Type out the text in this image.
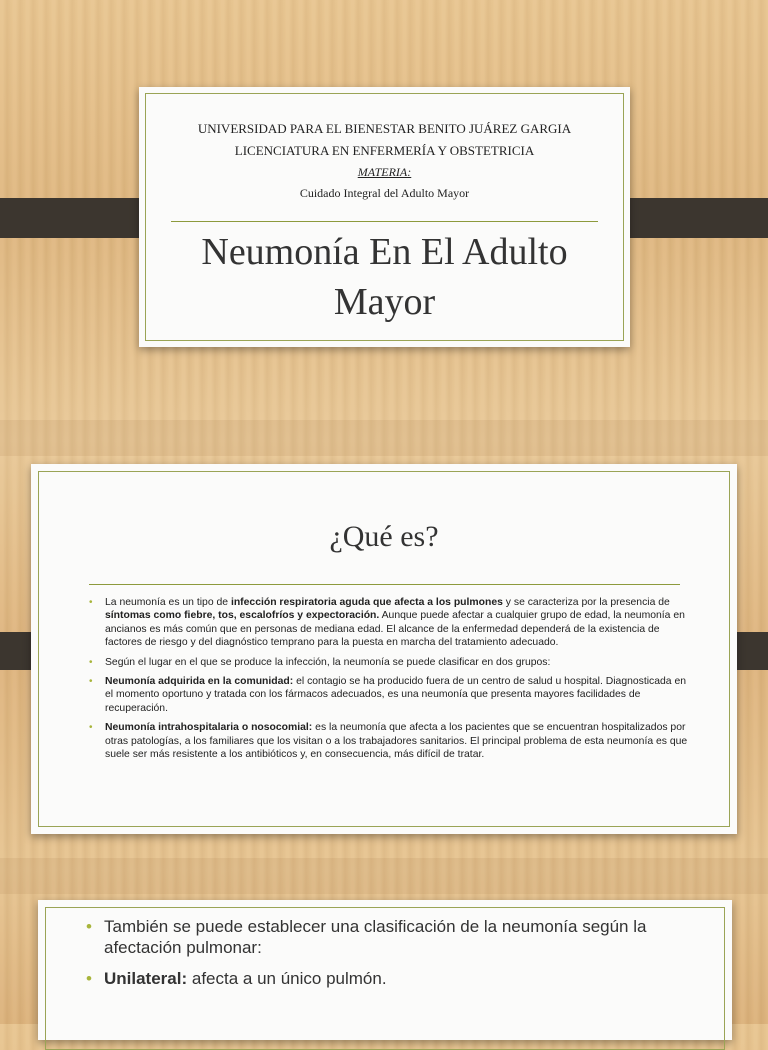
UNIVERSIDAD PARA EL BIENESTAR BENITO JUÁREZ GARGIA
LICENCIATURA EN ENFERMERÍA Y OBSTETRICIA
MATERIA:
Cuidado Integral del Adulto Mayor
Neumonía En El Adulto
Mayor
¿Qué es?
• La neumonía es un tipo de infección respiratoria aguda que afecta a los pulmones y se caracteriza por la presencia de síntomas como fiebre, tos, escalofríos y expectoración. Aunque puede afectar a cualquier grupo de edad, la neumonía en ancianos es más común que en personas de mediana edad. El alcance de la enfermedad dependerá de la existencia de factores de riesgo y del diagnóstico temprano para la puesta en marcha del tratamiento adecuado.
• Según el lugar en el que se produce la infección, la neumonía se puede clasificar en dos grupos:
• Neumonía adquirida en la comunidad: el contagio se ha producido fuera de un centro de salud u hospital. Diagnosticada en el momento oportuno y tratada con los fármacos adecuados, es una neumonía que presenta mayores facilidades de recuperación.
• Neumonía intrahospitalaria o nosocomial: es la neumonía que afecta a los pacientes que se encuentran hospitalizados por otras patologías, a los familiares que los visitan o a los trabajadores sanitarios. El principal problema de esta neumonía es que suele ser más resistente a los antibióticos y, en consecuencia, más difícil de tratar.
• También se puede establecer una clasificación de la neumonía según la afectación pulmonar:
• Unilateral: afecta a un único pulmón.
